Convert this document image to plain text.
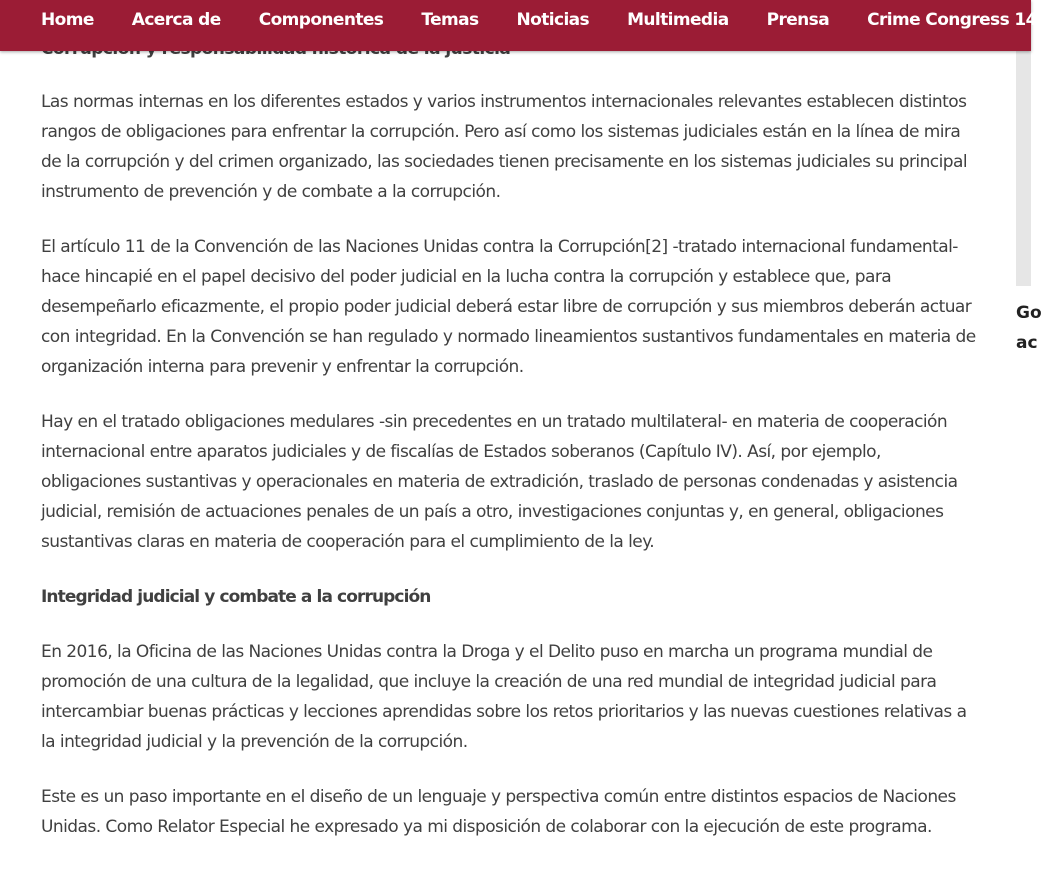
Home Acerca de Componentes Temas Noticias Multimedia Prensa Crime Congress 14

Las normas internas en los diferentes estados y varios instrumentos internacionales relevantes establecen distintos rangos de obligaciones para enfrentar la corrupción. Pero así como los sistemas judiciales están en la línea de mira de la corrupción y del crimen organizado, las sociedades tienen precisamente en los sistemas judiciales su principal instrumento de prevención y de combate a la corrupción.

El artículo 11 de la Convención de las Naciones Unidas contra la Corrupción[2] -tratado internacional fundamental- hace hincapié en el papel decisivo del poder judicial en la lucha contra la corrupción y establece que, para desempeñarlo eficazmente, el propio poder judicial deberá estar libre de corrupción y sus miembros deberán actuar con integridad. En la Convención se han regulado y normado lineamientos sustantivos fundamentales en materia de organización interna para prevenir y enfrentar la corrupción.

Hay en el tratado obligaciones medulares -sin precedentes en un tratado multilateral- en materia de cooperación internacional entre aparatos judiciales y de fiscalías de Estados soberanos (Capítulo IV). Así, por ejemplo, obligaciones sustantivas y operacionales en materia de extradición, traslado de personas condenadas y asistencia judicial, remisión de actuaciones penales de un país a otro, investigaciones conjuntas y, en general, obligaciones sustantivas claras en materia de cooperación para el cumplimiento de la ley.

Integridad judicial y combate a la corrupción

En 2016, la Oficina de las Naciones Unidas contra la Droga y el Delito puso en marcha un programa mundial de promoción de una cultura de la legalidad, que incluye la creación de una red mundial de integridad judicial para intercambiar buenas prácticas y lecciones aprendidas sobre los retos prioritarios y las nuevas cuestiones relativas a la integridad judicial y la prevención de la corrupción.

Este es un paso importante en el diseño de un lenguaje y perspectiva común entre distintos espacios de Naciones Unidas. Como Relator Especial he expresado ya mi disposición de colaborar con la ejecución de este programa.

Go
ac
